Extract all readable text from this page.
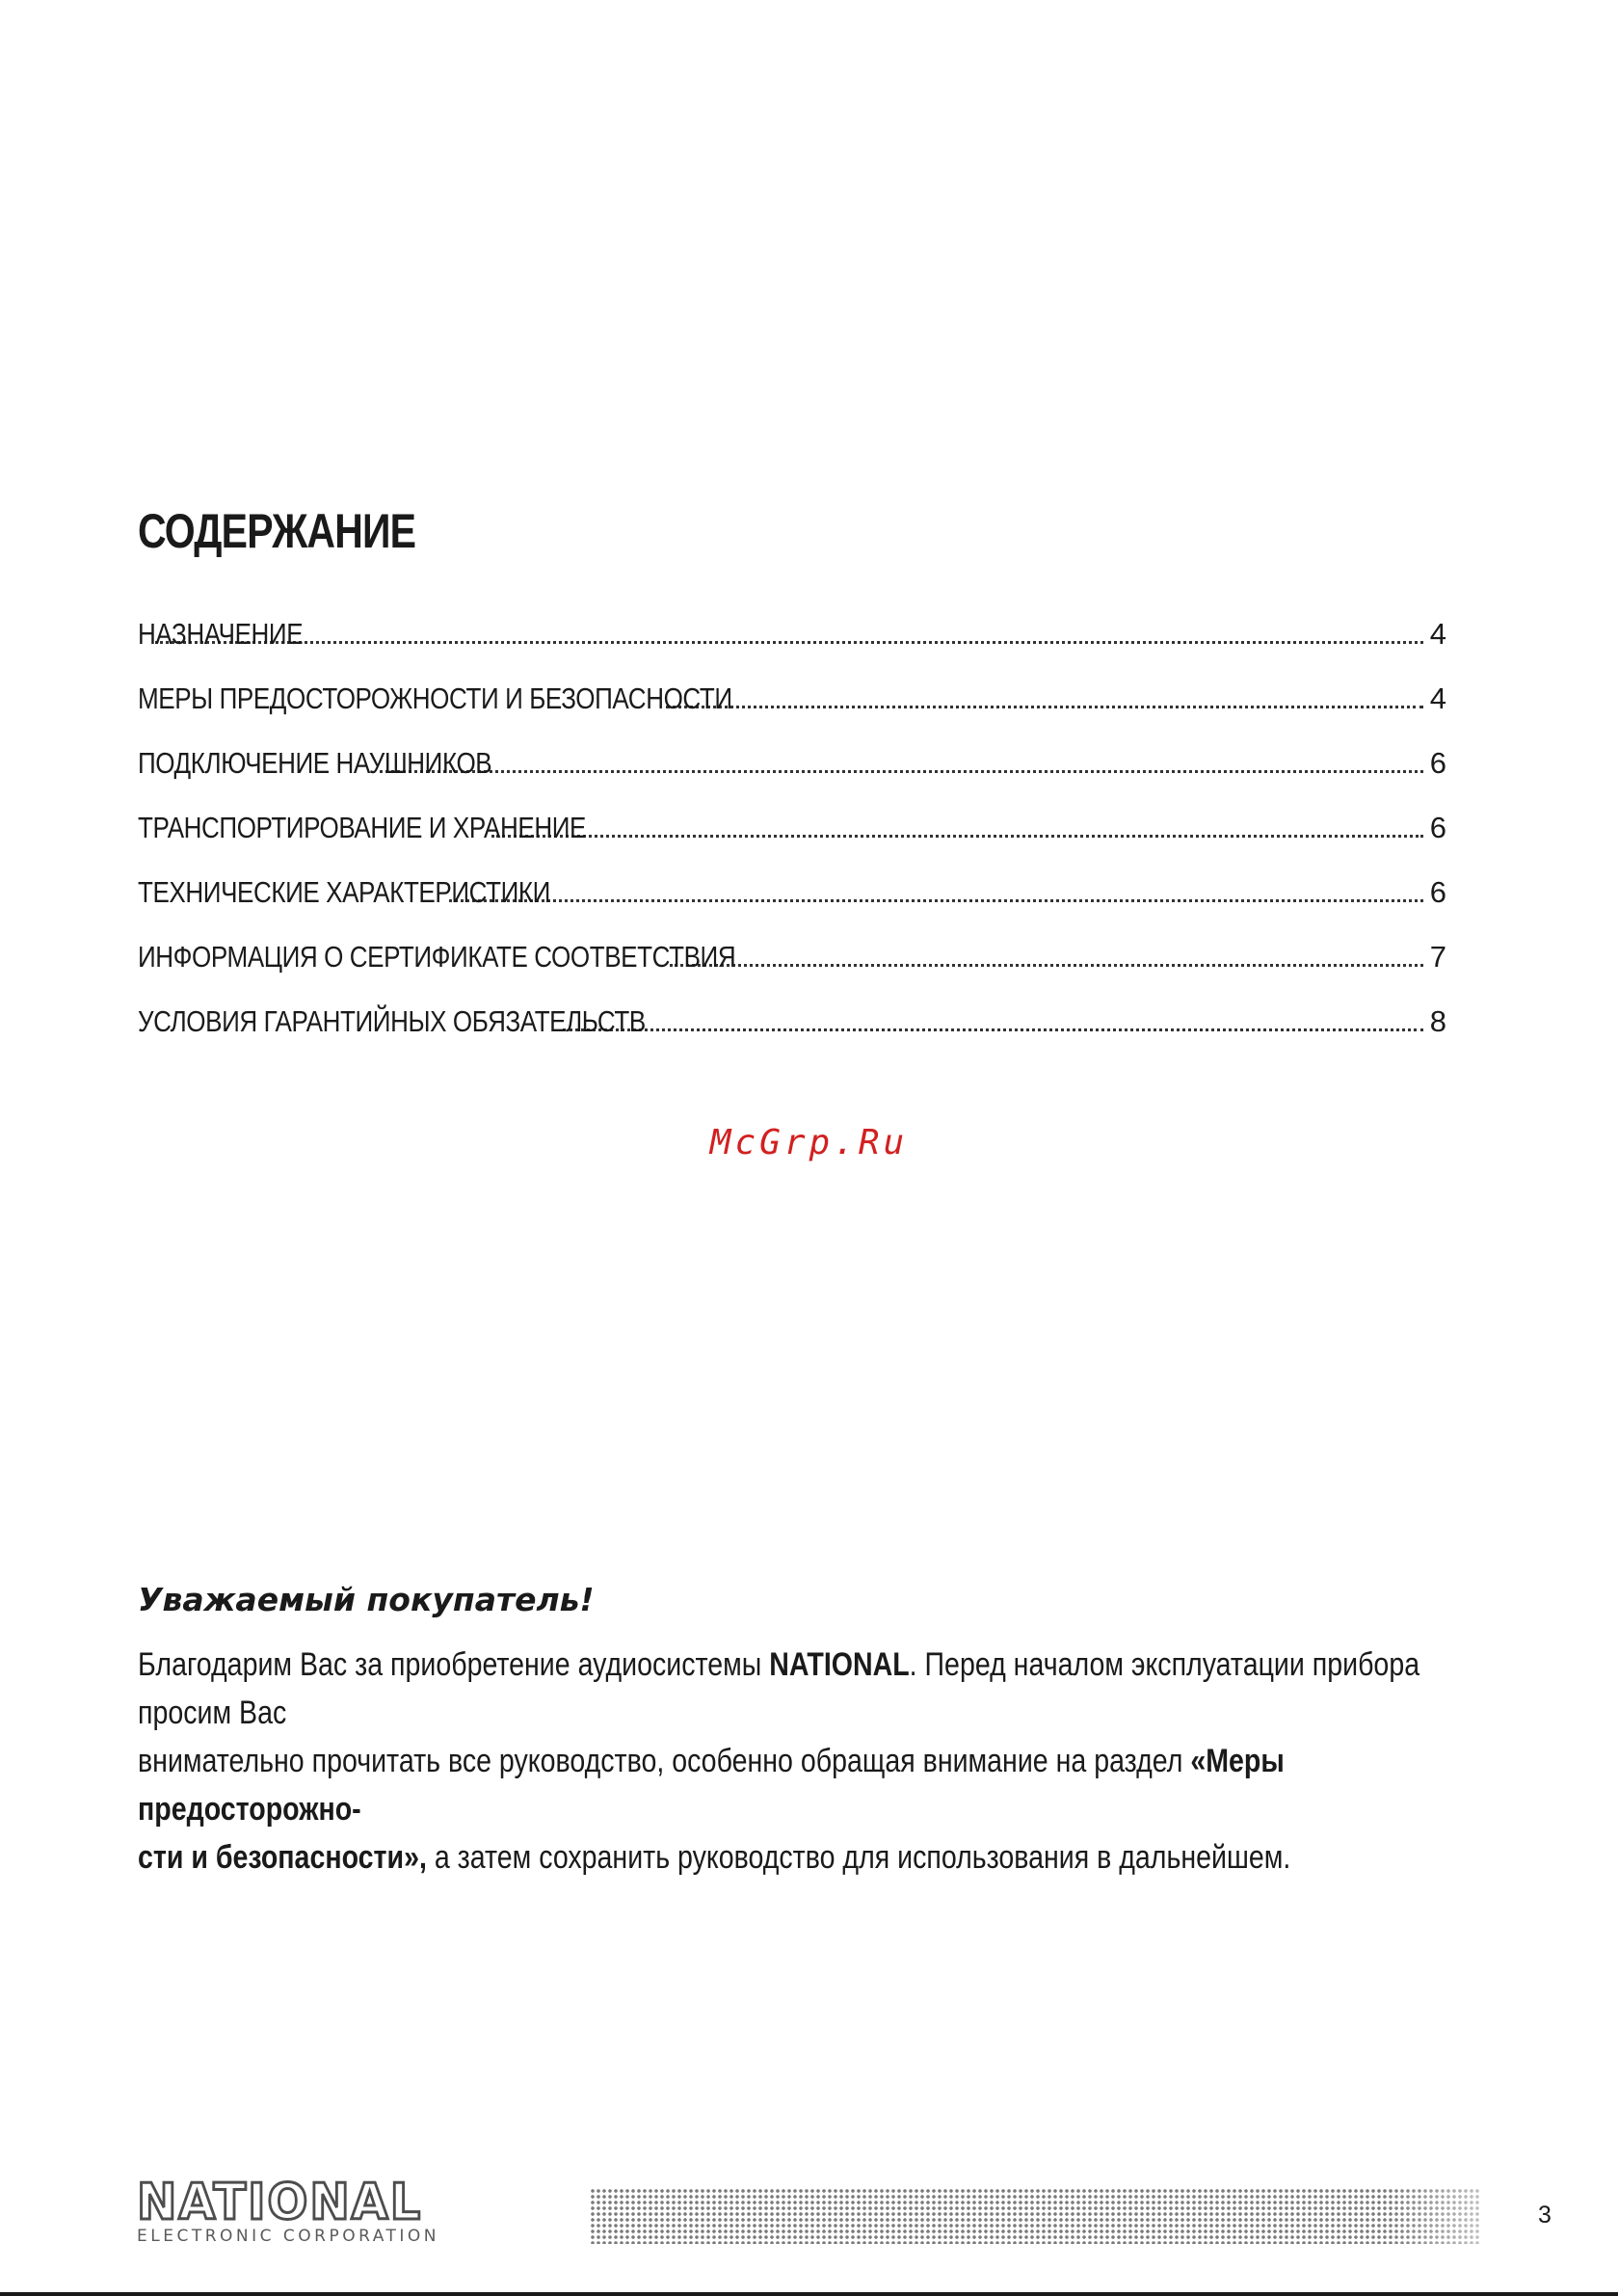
СОДЕРЖАНИЕ
НАЗНАЧЕНИЕ	4
МЕРЫ ПРЕДОСТОРОЖНОСТИ И БЕЗОПАСНОСТИ	4
ПОДКЛЮЧЕНИЕ НАУШНИКОВ	6
ТРАНСПОРТИРОВАНИЕ И ХРАНЕНИЕ	6
ТЕХНИЧЕСКИЕ ХАРАКТЕРИСТИКИ	6
ИНФОРМАЦИЯ О СЕРТИФИКАТЕ СООТВЕТСТВИЯ	7
УСЛОВИЯ ГАРАНТИЙНЫХ ОБЯЗАТЕЛЬСТВ	8
McGrp.Ru
Уважаемый покупатель!

Благодарим Вас за приобретение аудиосистемы NATIONAL. Перед началом эксплуатации прибора просим Вас
внимательно прочитать все руководство, особенно обращая внимание на раздел «Меры предосторожно-
сти и безопасности», а затем сохранить руководство для использования в дальнейшем.

NATIONAL
ELECTRONIC CORPORATION
3
